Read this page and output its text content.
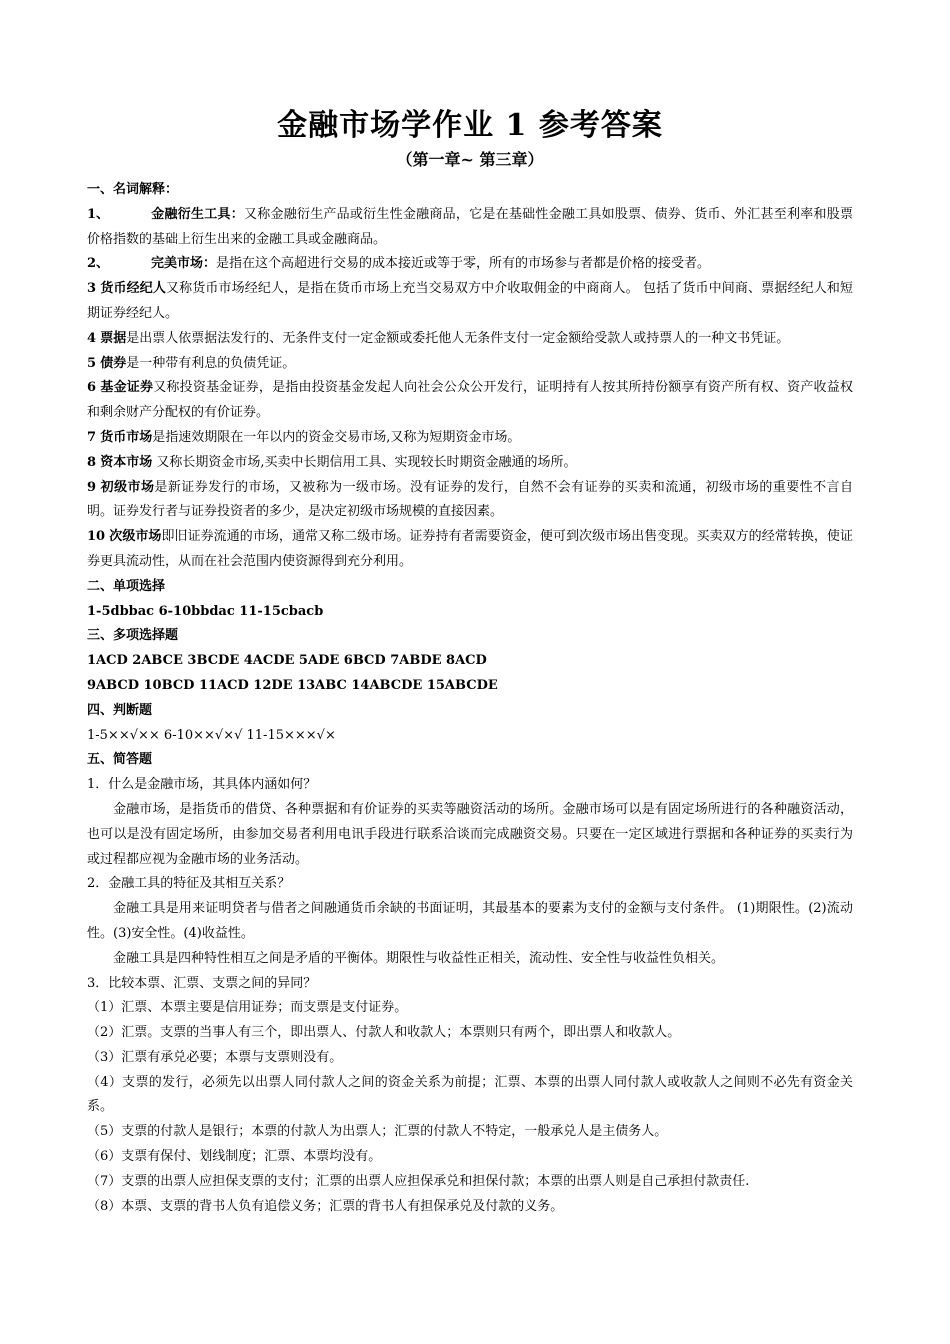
金融市场学作业 1 参考答案
（第一章~ 第三章）

一、名词解释：

1、	金融衍生工具：又称金融衍生产品或衍生性金融商品，它是在基础性金融工具如股票、债券、货币、外汇甚至利率和股票价格指数的基础上衍生出来的金融工具或金融商品。

2、	完美市场：是指在这个高超进行交易的成本接近或等于零，所有的市场参与者都是价格的接受者。

3 货币经纪人又称货币市场经纪人，是指在货币市场上充当交易双方中介收取佣金的中商商人。 包括了货币中间商、票据经纪人和短期证券经纪人。

4 票据是出票人依票据法发行的、无条件支付一定金额或委托他人无条件支付一定金额给受款人或持票人的一种文书凭证。

5 债券是一种带有利息的负债凭证。

6 基金证券又称投资基金证券，是指由投资基金发起人向社会公众公开发行，证明持有人按其所持份额享有资产所有权、资产收益权和剩余财产分配权的有价证券。

7 货币市场是指速效期限在一年以内的资金交易市场,又称为短期资金市场。

8 资本市场 又称长期资金市场,买卖中长期信用工具、实现较长时期资金融通的场所。

9 初级市场是新证券发行的市场，又被称为一级市场。没有证券的发行，自然不会有证券的买卖和流通，初级市场的重要性不言自明。证券发行者与证券投资者的多少，是决定初级市场规模的直接因素。

10 次级市场即旧证券流通的市场，通常又称二级市场。证券持有者需要资金，便可到次级市场出售变现。买卖双方的经常转换，使证券更具流动性，从而在社会范围内使资源得到充分利用。

二、单项选择

1-5dbbac 6-10bbdac 11-15cbacb

三、多项选择题

1ACD 2ABCE 3BCDE 4ACDE 5ADE 6BCD 7ABDE 8ACD

9ABCD 10BCD 11ACD 12DE 13ABC 14ABCDE 15ABCDE

四、判断题

1-5××√×× 6-10××√×√ 11-15×××√×

五、简答题

1．什么是金融市场，其具体内涵如何？

金融市场，是指货币的借贷、各种票据和有价证券的买卖等融资活动的场所。金融市场可以是有固定场所进行的各种融资活动， 也可以是没有固定场所，由参加交易者利用电讯手段进行联系洽谈而完成融资交易。只要在一定区域进行票据和各种证券的买卖行为或过程都应视为金融市场的业务活动。

2．金融工具的特征及其相互关系？

金融工具是用来证明贷者与借者之间融通货币余缺的书面证明，其最基本的要素为支付的金额与支付条件。 (1)期限性。(2)流动性。(3)安全性。(4)收益性。

金融工具是四种特性相互之间是矛盾的平衡体。期限性与收益性正相关，流动性、安全性与收益性负相关。

3．比较本票、汇票、支票之间的异同？

（1）汇票、本票主要是信用证券；而支票是支付证券。

（2）汇票。支票的当事人有三个，即出票人、付款人和收款人；本票则只有两个，即出票人和收款人。

（3）汇票有承兑必要；本票与支票则没有。

（4）支票的发行，必须先以出票人同付款人之间的资金关系为前提；汇票、本票的出票人同付款人或收款人之间则不必先有资金关系。

（5）支票的付款人是银行；本票的付款人为出票人；汇票的付款人不特定，一般承兑人是主债务人。

（6）支票有保付、划线制度；汇票、本票均没有。

（7）支票的出票人应担保支票的支付；汇票的出票人应担保承兑和担保付款；本票的出票人则是自己承担付款责任.

（8）本票、支票的背书人负有追偿义务；汇票的背书人有担保承兑及付款的义务。
